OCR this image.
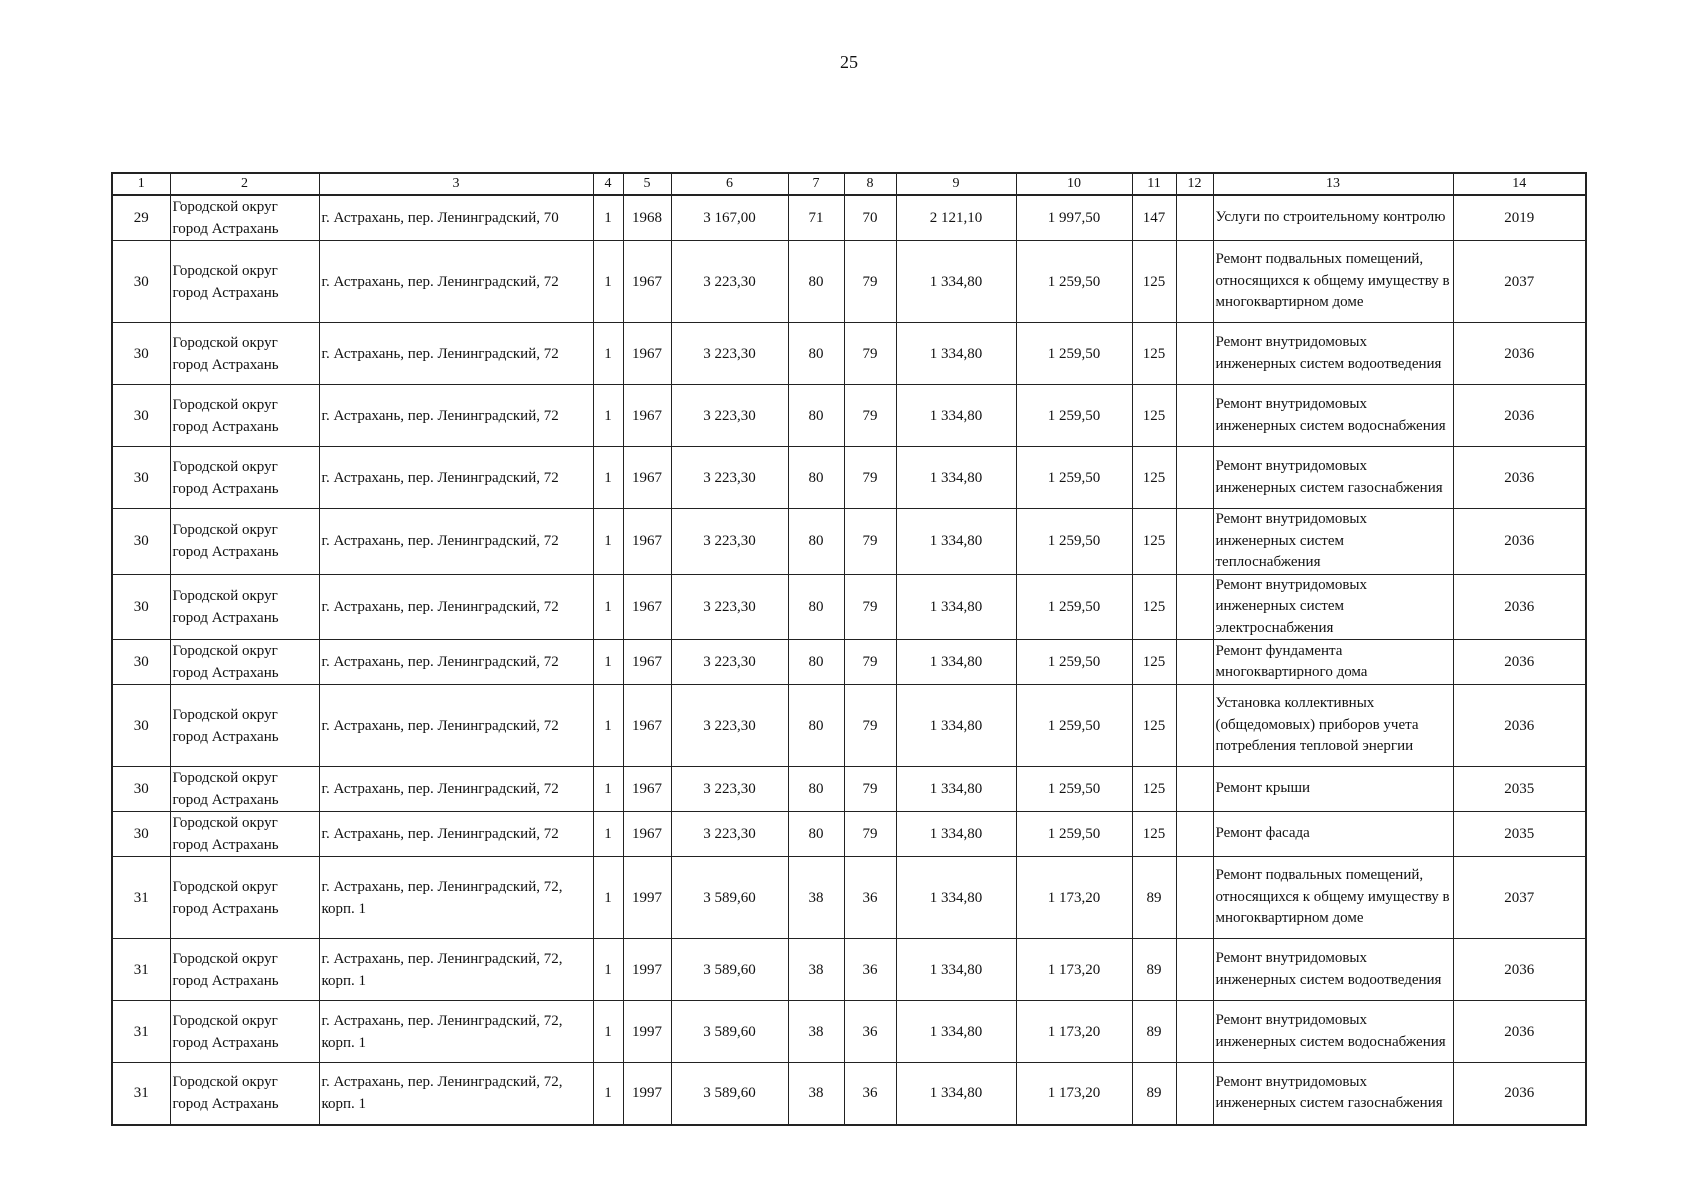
25
1	2	3	4	5	6	7	8	9	10	11	12	13	14
29	Городской округ город Астрахань	г. Астрахань, пер. Ленинградский, 70	1	1968	3 167,00	71	70	2 121,10	1 997,50	147		Услуги по строительному контролю	2019
30	Городской округ город Астрахань	г. Астрахань, пер. Ленинградский, 72	1	1967	3 223,30	80	79	1 334,80	1 259,50	125		Ремонт подвальных помещений, относящихся к общему имуществу в многоквартирном доме	2037
30	Городской округ город Астрахань	г. Астрахань, пер. Ленинградский, 72	1	1967	3 223,30	80	79	1 334,80	1 259,50	125		Ремонт внутридомовых инженерных систем водоотведения	2036
30	Городской округ город Астрахань	г. Астрахань, пер. Ленинградский, 72	1	1967	3 223,30	80	79	1 334,80	1 259,50	125		Ремонт внутридомовых инженерных систем водоснабжения	2036
30	Городской округ город Астрахань	г. Астрахань, пер. Ленинградский, 72	1	1967	3 223,30	80	79	1 334,80	1 259,50	125		Ремонт внутридомовых инженерных систем газоснабжения	2036
30	Городской округ город Астрахань	г. Астрахань, пер. Ленинградский, 72	1	1967	3 223,30	80	79	1 334,80	1 259,50	125		Ремонт внутридомовых инженерных систем теплоснабжения	2036
30	Городской округ город Астрахань	г. Астрахань, пер. Ленинградский, 72	1	1967	3 223,30	80	79	1 334,80	1 259,50	125		Ремонт внутридомовых инженерных систем электроснабжения	2036
30	Городской округ город Астрахань	г. Астрахань, пер. Ленинградский, 72	1	1967	3 223,30	80	79	1 334,80	1 259,50	125		Ремонт фундамента многоквартирного дома	2036
30	Городской округ город Астрахань	г. Астрахань, пер. Ленинградский, 72	1	1967	3 223,30	80	79	1 334,80	1 259,50	125		Установка коллективных (общедомовых) приборов учета потребления тепловой энергии	2036
30	Городской округ город Астрахань	г. Астрахань, пер. Ленинградский, 72	1	1967	3 223,30	80	79	1 334,80	1 259,50	125		Ремонт крыши	2035
30	Городской округ город Астрахань	г. Астрахань, пер. Ленинградский, 72	1	1967	3 223,30	80	79	1 334,80	1 259,50	125		Ремонт фасада	2035
31	Городской округ город Астрахань	г. Астрахань, пер. Ленинградский, 72, корп. 1	1	1997	3 589,60	38	36	1 334,80	1 173,20	89		Ремонт подвальных помещений, относящихся к общему имуществу в многоквартирном доме	2037
31	Городской округ город Астрахань	г. Астрахань, пер. Ленинградский, 72, корп. 1	1	1997	3 589,60	38	36	1 334,80	1 173,20	89		Ремонт внутридомовых инженерных систем водоотведения	2036
31	Городской округ город Астрахань	г. Астрахань, пер. Ленинградский, 72, корп. 1	1	1997	3 589,60	38	36	1 334,80	1 173,20	89		Ремонт внутридомовых инженерных систем водоснабжения	2036
31	Городской округ город Астрахань	г. Астрахань, пер. Ленинградский, 72, корп. 1	1	1997	3 589,60	38	36	1 334,80	1 173,20	89		Ремонт внутридомовых инженерных систем газоснабжения	2036
